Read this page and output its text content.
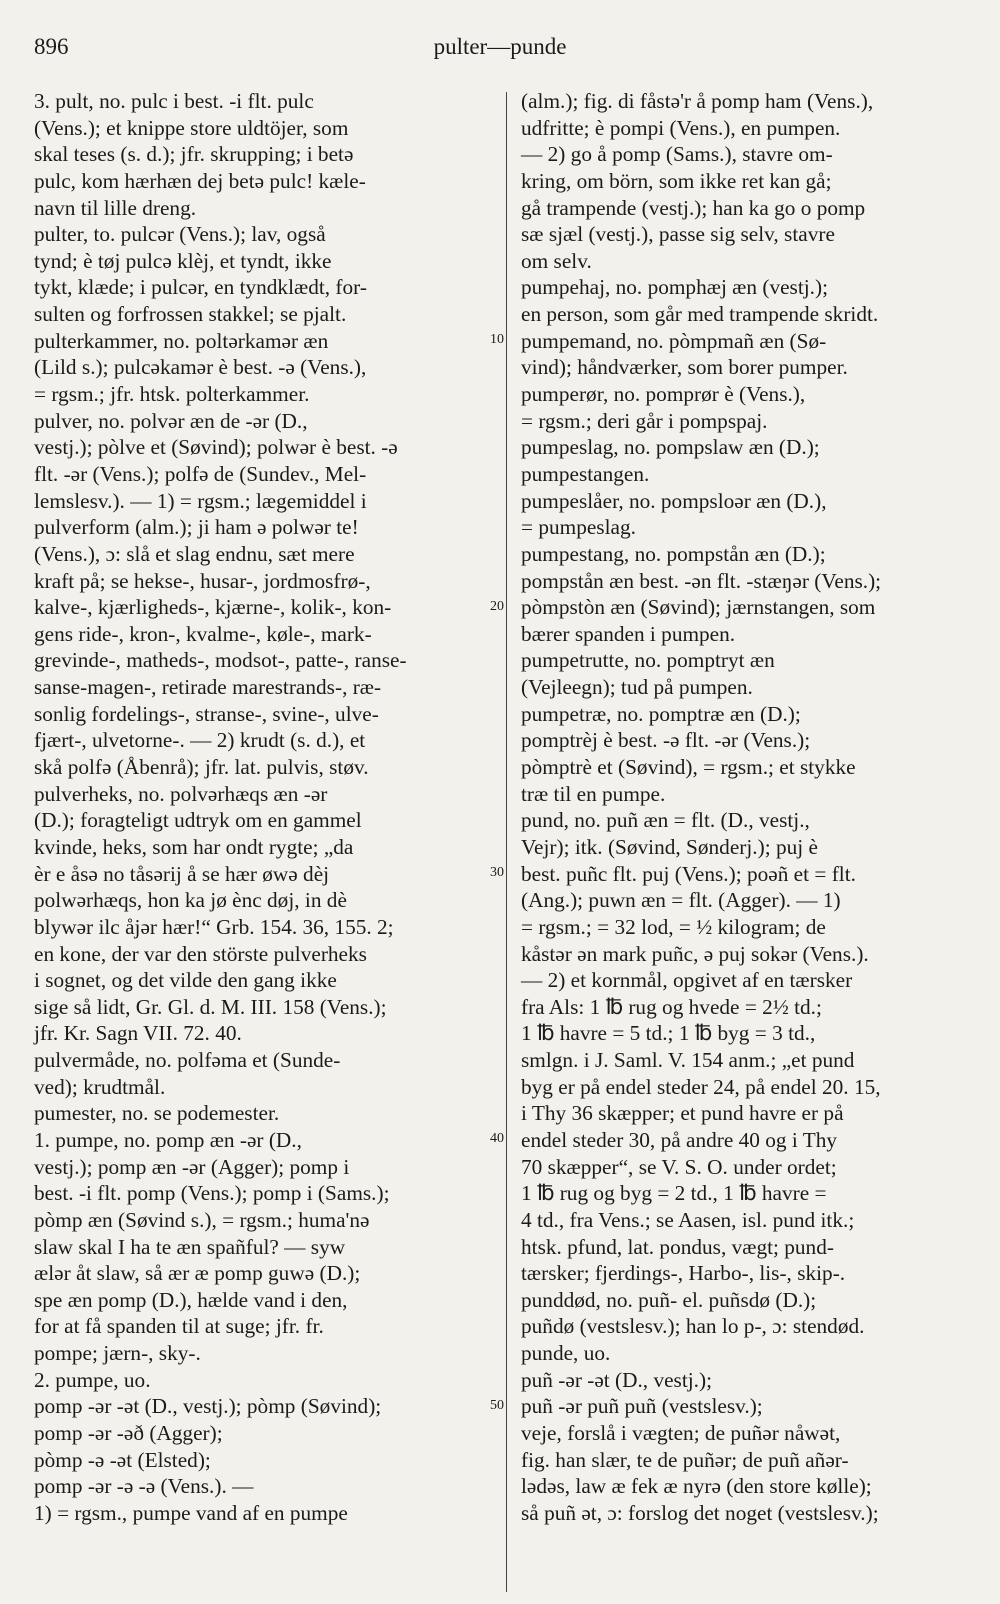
896	pulter—punde
3. pult, no. pulc i best. -i flt. pulc
(Vens.); et knippe store uldtöjer, som
skal teses (s. d.); jfr. skrupping; i betə
pulc, kom hærhæn dej betə pulc! kæle-
navn til lille dreng.
pulter, to. pulcər (Vens.); lav, også
tynd; è tøj pulcə klèj, et tyndt, ikke
tykt, klæde; i pulcər, en tyndklædt, for-
sulten og forfrossen stakkel; se pjalt.
pulterkammer, no. poltərkamər æn
(Lild s.); pulcəkamər è best. -ə (Vens.),
= rgsm.; jfr. htsk. polterkammer.
pulver, no. polvər æn de -ər (D.,
vestj.); pòlve et (Søvind); polwər è best. -ə
flt. -ər (Vens.); polfə de (Sundev., Mel-
lemslesv.). — 1) = rgsm.; lægemiddel i
pulverform (alm.); ji ham ə polwər te!
(Vens.), ɔ: slå et slag endnu, sæt mere
kraft på; se hekse-, husar-, jordmosfrø-,
kalve-, kjærligheds-, kjærne-, kolik-, kon-
gens ride-, kron-, kvalme-, køle-, mark-
grevinde-, matheds-, modsot-, patte-, ranse-
sanse-magen-, retirade marestrands-, ræ-
sonlig fordelings-, stranse-, svine-, ulve-
fjært-, ulvetorne-. — 2) krudt (s. d.), et
skå polfə (Åbenrå); jfr. lat. pulvis, støv.
pulverheks, no. polvərhæqs æn -ər
(D.); foragteligt udtryk om en gammel
kvinde, heks, som har ondt rygte; „da
èr e åsə no tåsərij å se hær øwə dèj
polwərhæqs, hon ka jø ènc døj, in dè
blywər ilc åjər hær!“ Grb. 154. 36, 155. 2;
en kone, der var den störste pulverheks
i sognet, og det vilde den gang ikke
sige så lidt, Gr. Gl. d. M. III. 158 (Vens.);
jfr. Kr. Sagn VII. 72. 40.
pulvermåde, no. polfəma et (Sunde-
ved); krudtmål.
pumester, no. se podemester.
1. pumpe, no. pomp æn -ər (D.,
vestj.); pomp æn -ər (Agger); pomp i
best. -i flt. pomp (Vens.); pomp i (Sams.);
pòmp æn (Søvind s.), = rgsm.; huma'nə
slaw skal I ha te æn spañful? — syw
ælər åt slaw, så ær æ pomp guwə (D.);
spe æn pomp (D.), hælde vand i den,
for at få spanden til at suge; jfr. fr.
pompe; jærn-, sky-.
2. pumpe, uo.
pomp -ər -ət (D., vestj.); pòmp (Søvind);
pomp -ər -əð (Agger);
pòmp -ə -ət (Elsted);
pomp -ər -ə -ə (Vens.). —
1) = rgsm., pumpe vand af en pumpe
(alm.); fig. di fåstə'r å pomp ham (Vens.),
udfritte; è pompi (Vens.), en pumpen.
— 2) go å pomp (Sams.), stavre om-
kring, om börn, som ikke ret kan gå;
gå trampende (vestj.); han ka go o pomp
sæ sjæl (vestj.), passe sig selv, stavre
om selv.
pumpehaj, no. pomphæj æn (vestj.);
en person, som går med trampende skridt.
pumpemand, no. pòmpmañ æn (Sø-
vind); håndværker, som borer pumper.
pumperør, no. pomprør è (Vens.),
= rgsm.; deri går i pompspaj.
pumpeslag, no. pompslaw æn (D.);
pumpestangen.
pumpeslåer, no. pompsloər æn (D.),
= pumpeslag.
pumpestang, no. pompstån æn (D.);
pompstån æn best. -ən flt. -stæŋər (Vens.);
pòmpstòn æn (Søvind); jærnstangen, som
bærer spanden i pumpen.
pumpetrutte, no. pomptryt æn
(Vejleegn); tud på pumpen.
pumpetræ, no. pomptræ æn (D.);
pomptrèj è best. -ə flt. -ər (Vens.);
pòmptrè et (Søvind), = rgsm.; et stykke
træ til en pumpe.
pund, no. puñ æn = flt. (D., vestj.,
Vejr); itk. (Søvind, Sønderj.); puj è
best. puñc flt. puj (Vens.); poəñ et = flt.
(Ang.); puwn æn = flt. (Agger). — 1)
= rgsm.; = 32 lod, = ½ kilogram; de
kåstər ən mark puñc, ə puj sokər (Vens.).
— 2) et kornmål, opgivet af en tærsker
fra Als: 1 ℔ rug og hvede = 2½ td.;
1 ℔ havre = 5 td.; 1 ℔ byg = 3 td.,
smlgn. i J. Saml. V. 154 anm.; „et pund
byg er på endel steder 24, på endel 20. 15,
i Thy 36 skæpper; et pund havre er på
endel steder 30, på andre 40 og i Thy
70 skæpper“, se V. S. O. under ordet;
1 ℔ rug og byg = 2 td., 1 ℔ havre =
4 td., fra Vens.; se Aasen, isl. pund itk.;
htsk. pfund, lat. pondus, vægt; pund-
tærsker; fjerdings-, Harbo-, lis-, skip-.
punddød, no. puñ- el. puñsdø (D.);
puñdø (vestslesv.); han lo p-, ɔ: stendød.
punde, uo.
puñ -ər -ət (D., vestj.);
puñ -ər puñ puñ (vestslesv.);
veje, forslå i vægten; de puñər nåwət,
fig. han slær, te de puñər; de puñ añər-
lədəs, law æ fek æ nyrə (den store kølle);
så puñ ət, ɔ: forslog det noget (vestslesv.);
10
20
30
40
50
